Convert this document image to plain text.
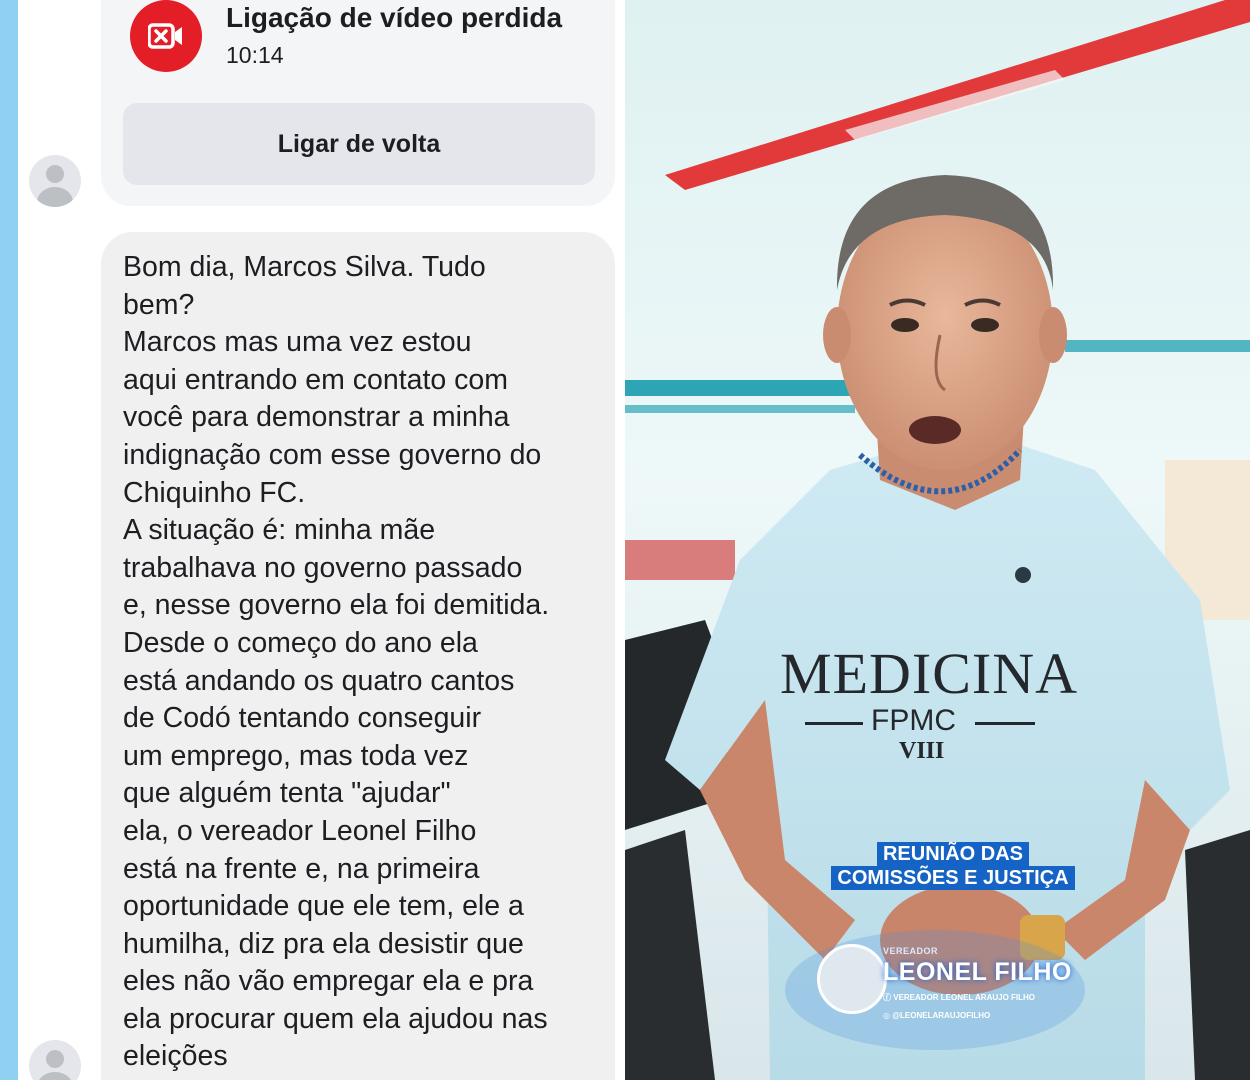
Ligação de vídeo perdida
10:14
Ligar de volta
Bom dia, Marcos Silva. Tudo
bem?
Marcos mas uma vez estou
aqui entrando em contato com
você para demonstrar a minha
indignação com esse governo do
Chiquinho FC.
A situação é: minha mãe
trabalhava no governo passado
e, nesse governo ela foi demitida.
Desde o começo do ano ela
está andando os quatro cantos
de Codó tentando conseguir
um emprego, mas toda vez
que alguém tenta "ajudar"
ela, o vereador Leonel Filho
está na frente e, na primeira
oportunidade que ele tem, ele a
humilha, diz pra ela desistir que
eles não vão empregar ela e pra
ela procurar quem ela ajudou nas
eleições
MEDICINA
FPMC
VIII
REUNIÃO DAS
COMISSÕES E JUSTIÇA
VEREADOR
LEONEL FILHO
ⓕ VEREADOR LEONEL ARAUJO FILHO
◎ @LEONELARAUJOFILHO
